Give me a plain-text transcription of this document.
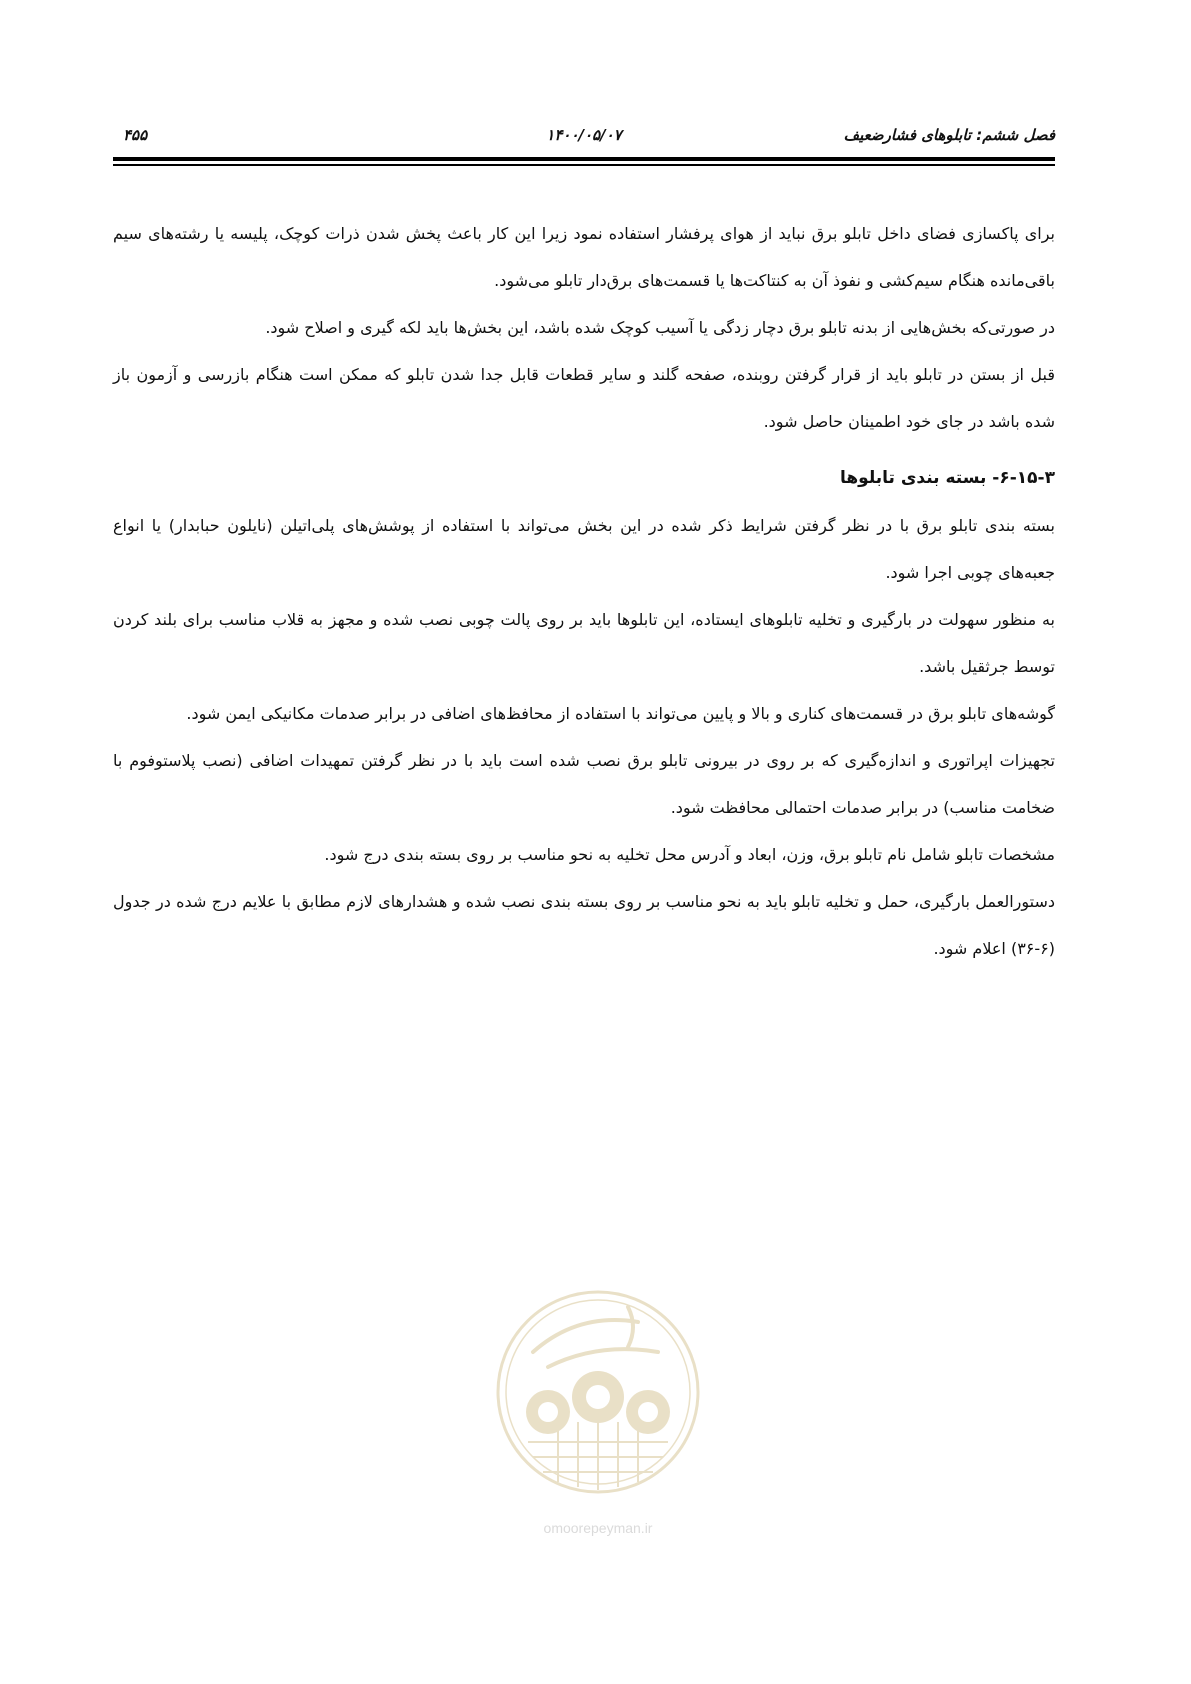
۴۵۵	۱۴۰۰/۰۵/۰۷	فصل ششم: تابلوهای فشارضعیف

برای پاکسازی فضای داخل تابلو برق نباید از هوای پرفشار استفاده نمود زیرا این کار باعث پخش شدن ذرات کوچک، پلیسه یا رشته‌های سیم باقی‌مانده هنگام سیم‌کشی و نفوذ آن به کنتاکت‌ها یا قسمت‌های برق‌دار تابلو می‌شود.

در صورتی‌که بخش‌هایی از بدنه تابلو برق دچار زدگی یا آسیب کوچک شده باشد، این بخش‌ها باید لکه گیری و اصلاح شود.

قبل از بستن در تابلو باید از قرار گرفتن روبنده، صفحه گلند و سایر قطعات قابل جدا شدن تابلو که ممکن است هنگام بازرسی و آزمون باز شده باشد در جای خود اطمینان حاصل شود.

۶-۱۵-۳- بسته بندی تابلوها

بسته بندی تابلو برق با در نظر گرفتن شرایط ذکر شده در این بخش می‌تواند با استفاده از پوشش‌های پلی‌اتیلن (نایلون حبابدار) یا انواع جعبه‌های چوبی اجرا شود.

به منظور سهولت در بارگیری و تخلیه تابلوهای ایستاده، این تابلوها باید بر روی پالت چوبی نصب شده و مجهز به قلاب مناسب برای بلند کردن توسط جرثقیل باشد.

گوشه‌های تابلو برق در قسمت‌های کناری و بالا و پایین می‌تواند با استفاده از محافظ‌های اضافی در برابر صدمات مکانیکی ایمن شود.

تجهیزات اپراتوری و اندازه‌گیری که بر روی در بیرونی تابلو برق نصب شده است باید با در نظر گرفتن تمهیدات اضافی (نصب پلاستوفوم با ضخامت مناسب) در برابر صدمات احتمالی محافظت شود.

مشخصات تابلو شامل نام تابلو برق، وزن، ابعاد و آدرس محل تخلیه به نحو مناسب بر روی بسته بندی درج شود.

دستورالعمل بارگیری، حمل و تخلیه تابلو باید به نحو مناسب بر روی بسته بندی نصب شده و هشدارهای لازم مطابق با علایم درج شده در جدول (۶-۳۶) اعلام شود.

omoorepeyman.ir
